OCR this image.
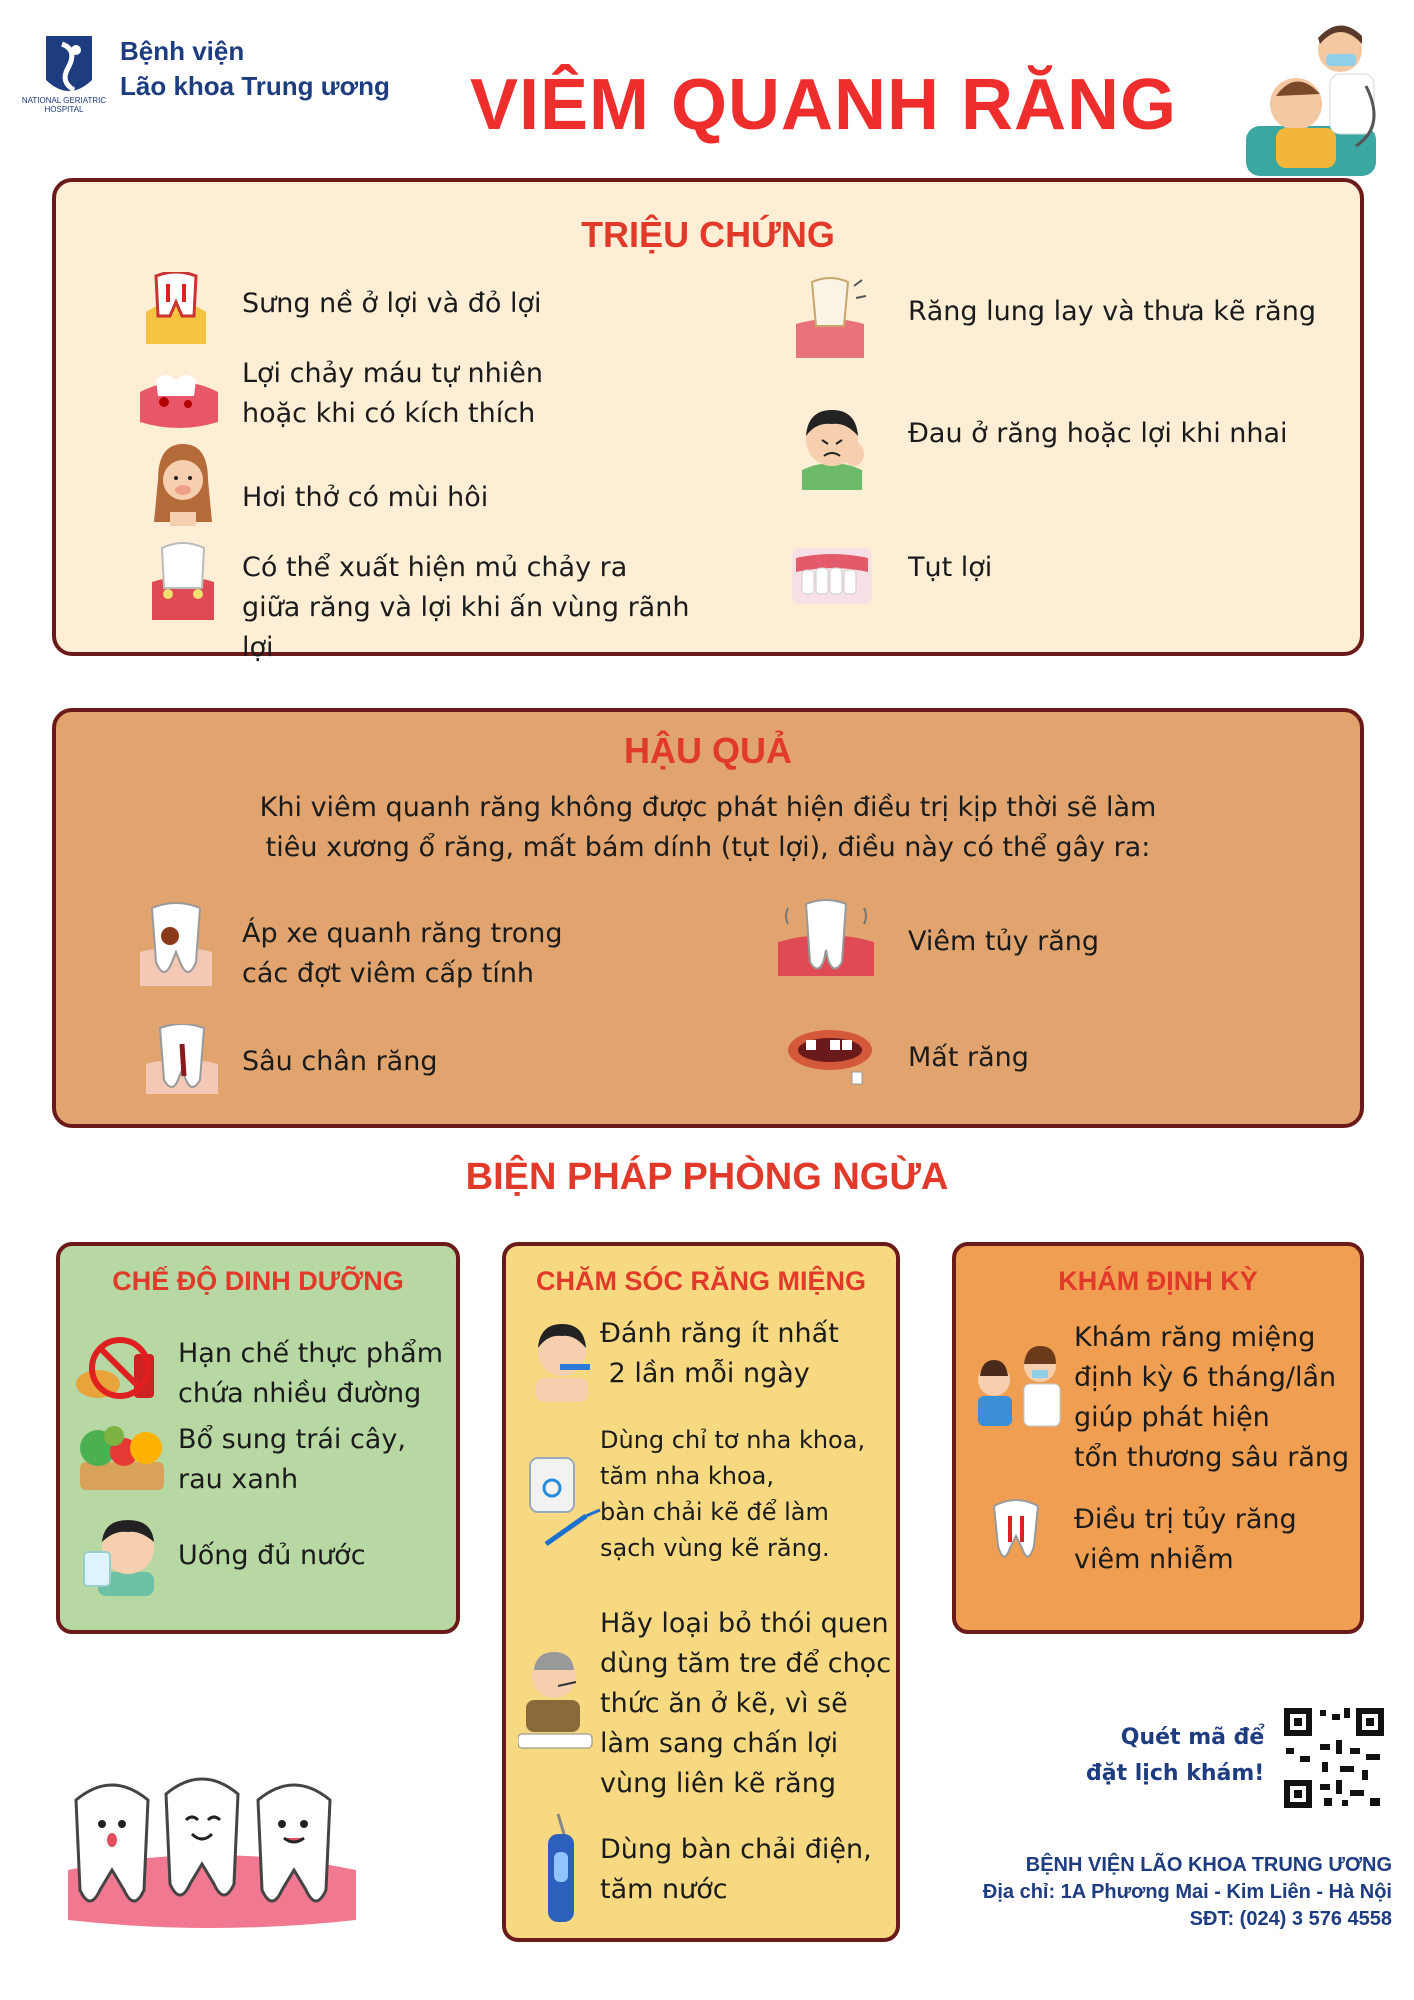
NATIONAL GERIATRIC HOSPITAL
Bệnh viện
Lão khoa Trung ương VIÊM QUANH RĂNG
TRIỆU CHỨNG
Sưng nề ở lợi và đỏ lợi
Lợi chảy máu tự nhiên hoặc khi có kích thích
Hơi thở có mùi hôi
Có thể xuất hiện mủ chảy ra giữa răng và lợi khi ấn vùng rãnh lợi
Răng lung lay và thưa kẽ răng
Đau ở răng hoặc lợi khi nhai
Tụt lợi
HẬU QUẢ
Khi viêm quanh răng không được phát hiện điều trị kịp thời sẽ làm
tiêu xương ổ răng, mất bám dính (tụt lợi), điều này có thể gây ra:
Áp xe quanh răng trong
các đợt viêm cấp tính
Viêm tủy răng
Sâu chân răng	Mất răng
BIỆN PHÁP PHÒNG NGỪA
CHẾ ĐỘ DINH DƯỠNG
Hạn chế thực phẩm
chứa nhiều đường
Bổ sung trái cây,
rau xanh
Uống đủ nước
CHĂM SÓC RĂNG MIỆNG
Đánh răng ít nhất
2 lần mỗi ngày
Dùng chỉ tơ nha khoa,
tăm nha khoa,
bàn chải kẽ để làm
sạch vùng kẽ răng.
Hãy loại bỏ thói quen
dùng tăm tre để chọc
thức ăn ở kẽ, vì sẽ
làm sang chấn lợi
vùng liên kẽ răng
Dùng bàn chải điện,
tăm nước
KHÁM ĐỊNH KỲ
Khám răng miệng
định kỳ 6 tháng/lần
giúp phát hiện
tổn thương sâu răng
Điều trị tủy răng
viêm nhiễm
Quét mã để
đặt lịch khám!
BỆNH VIỆN LÃO KHOA TRUNG ƯƠNG
Địa chỉ: 1A Phương Mai - Kim Liên - Hà Nội
SĐT: (024) 3 576 4558
